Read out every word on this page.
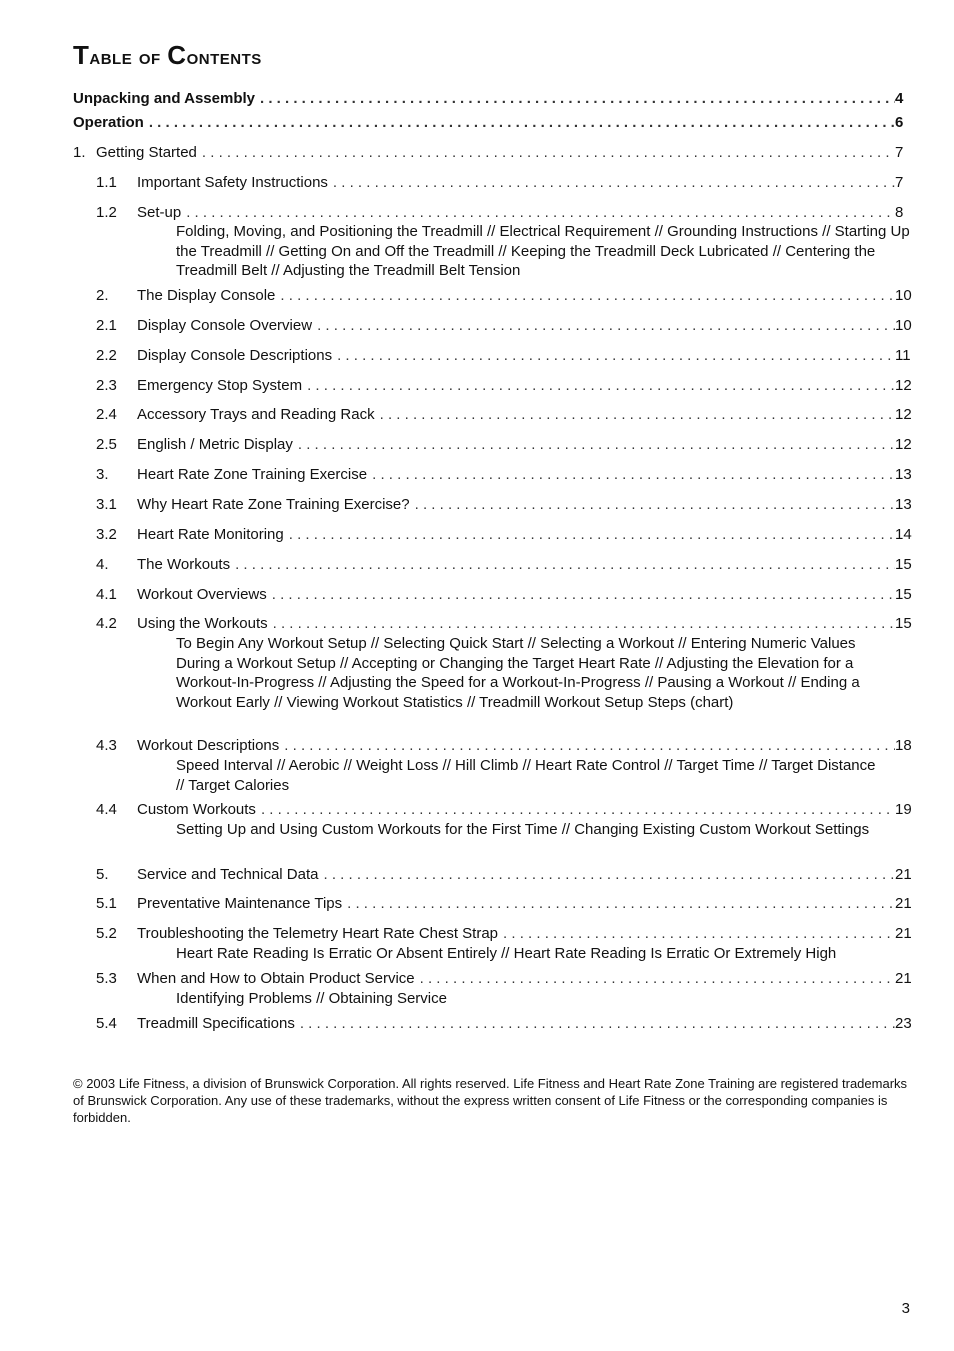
Table of Contents
Unpacking and Assembly . . .	4
Operation . . .	6
1. Getting Started . . .	7
1.1	Important Safety Instructions . . .	7
1.2	Set-up . . .	8
Folding, Moving, and Positioning the Treadmill // Electrical Requirement // Grounding Instructions // Starting Up the Treadmill // Getting On and Off the Treadmill // Keeping the Treadmill Deck Lubricated // Centering the Treadmill Belt // Adjusting the Treadmill Belt Tension
2.	The Display Console . . .	10
2.1	Display Console Overview . . .	10
2.2	Display Console Descriptions . . .	11
2.3	Emergency Stop System . . .	12
2.4	Accessory Trays and Reading Rack . . .	12
2.5	English / Metric Display . . .	12
3.	Heart Rate Zone Training Exercise . . .	13
3.1	Why Heart Rate Zone Training Exercise? . . .	13
3.2	Heart Rate Monitoring . . .	14
4.	The Workouts . . .	15
4.1	Workout Overviews . . .	15
4.2	Using the Workouts . . .	15
To Begin Any Workout Setup // Selecting Quick Start // Selecting a Workout // Entering Numeric Values During a Workout Setup // Accepting or Changing the Target Heart Rate // Adjusting the Elevation for a Workout-In-Progress // Adjusting the Speed for a Workout-In-Progress // Pausing a Workout // Ending a Workout Early // Viewing Workout Statistics // Treadmill Workout Setup Steps (chart)
4.3	Workout Descriptions . . .	18
Speed Interval // Aerobic // Weight Loss // Hill Climb // Heart Rate Control // Target Time // Target Distance // Target Calories
4.4	Custom Workouts . . .	19
Setting Up and Using Custom Workouts for the First Time // Changing Existing Custom Workout Settings
5.	Service and Technical Data . . .	21
5.1	Preventative Maintenance Tips . . .	21
5.2	Troubleshooting the Telemetry Heart Rate Chest Strap . . .	21
Heart Rate Reading Is Erratic Or Absent Entirely // Heart Rate Reading Is Erratic Or Extremely High
5.3	When and How to Obtain Product Service . . .	21
Identifying Problems // Obtaining Service
5.4	Treadmill Specifications . . .	23
© 2003 Life Fitness, a division of Brunswick Corporation. All rights reserved. Life Fitness and Heart Rate Zone Training are registered trademarks of Brunswick Corporation. Any use of these trademarks, without the express written consent of Life Fitness or the corresponding companies is forbidden.
3
